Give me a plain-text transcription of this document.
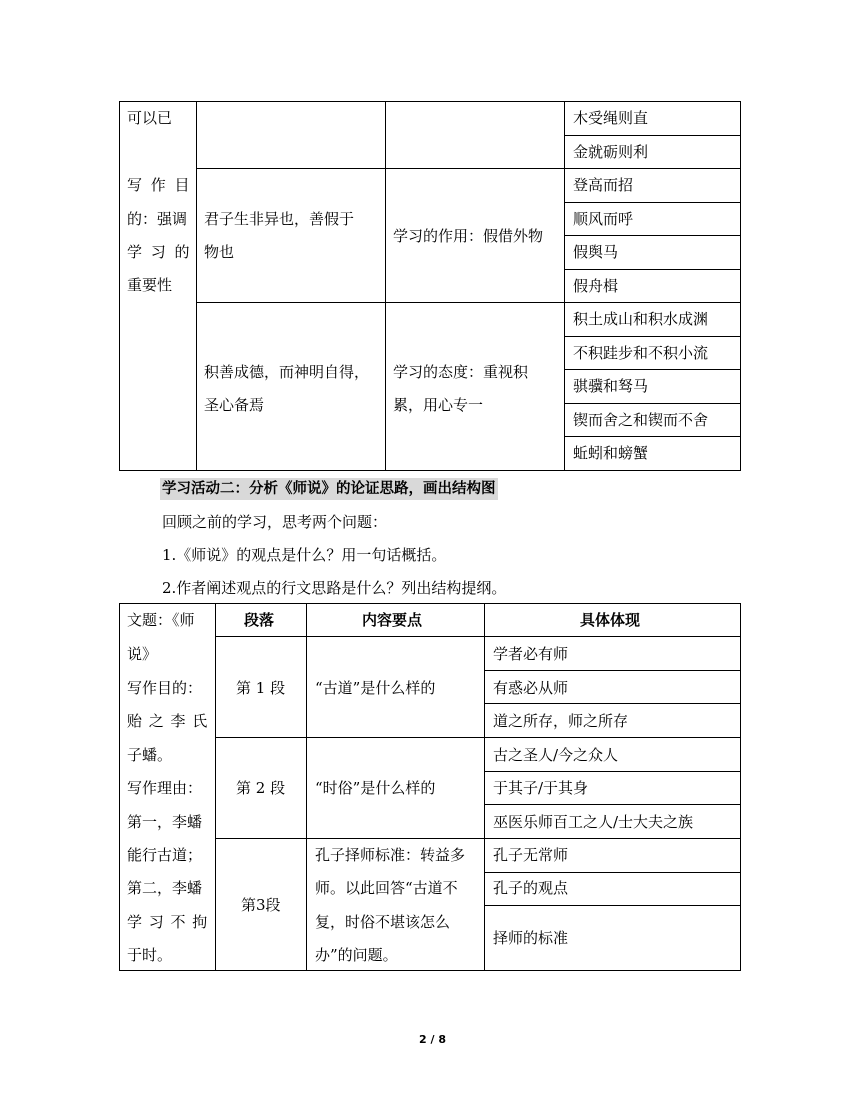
可以已
写 作 目
的：强调
学 习 的
重要性
君子生非异也，善假于
物也
学习的作用：假借外物
积善成德，而神明自得，
圣心备焉
学习的态度：重视积
累，用心专一
木受绳则直
金就砺则利
登高而招
顺风而呼
假舆马
假舟楫
积土成山和积水成渊
不积跬步和不积小流
骐骥和驽马
锲而舍之和锲而不舍
蚯蚓和螃蟹
学习活动二：分析《师说》的论证思路，画出结构图
回顾之前的学习，思考两个问题：
1.《师说》的观点是什么？用一句话概括。
2.作者阐述观点的行文思路是什么？列出结构提纲。
段落	内容要点	具体体现
文题：《师
说》
写作目的：
贻 之 李 氏
子蟠。
写作理由：
第一，李蟠
能行古道；
第二，李蟠
学 习 不 拘
于时。
第 1 段 “古道”是什么样的
学者必有师
有惑必从师
道之所存，师之所存
第 2 段 “时俗”是什么样的
古之圣人/今之众人
于其子/于其身
巫医乐师百工之人/士大夫之族
第3段
孔子择师标准：转益多
师。以此回答“古道不
复，时俗不堪该怎么
办”的问题。
孔子无常师
孔子的观点
择师的标准
2 / 8
